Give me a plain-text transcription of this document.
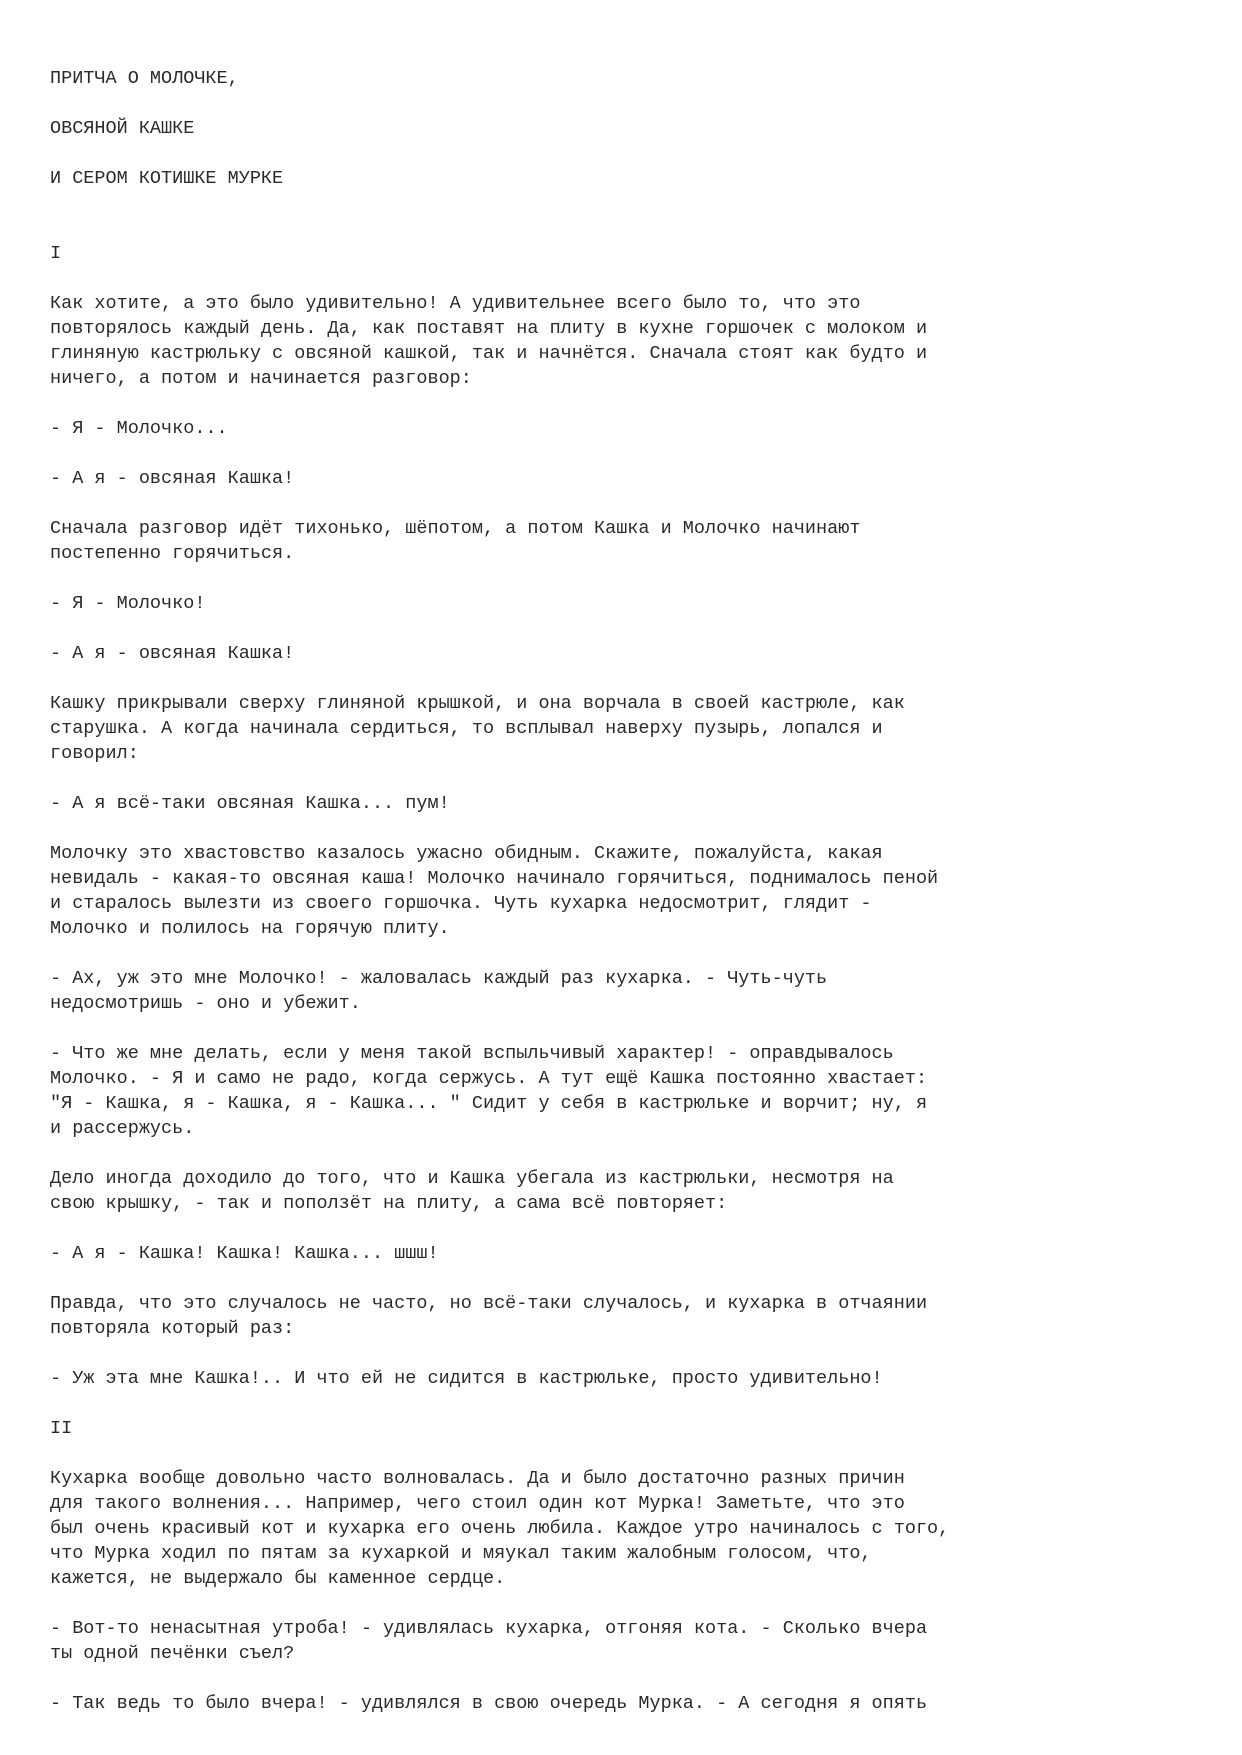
ПРИТЧА О МОЛОЧКЕ,
ОВСЯНОЙ КАШКЕ
И СЕРОМ КОТИШКЕ МУРКЕ
I
Как хотите, а это было удивительно! А удивительнее всего было то, что это
повторялось каждый день. Да, как поставят на плиту в кухне горшочек с молоком и
глиняную кастрюльку с овсяной кашкой, так и начнётся. Сначала стоят как будто и
ничего, а потом и начинается разговор:
- Я - Молочко...
- А я - овсяная Кашка!
Сначала разговор идёт тихонько, шёпотом, а потом Кашка и Молочко начинают
постепенно горячиться.
- Я - Молочко!
- А я - овсяная Кашка!
Кашку прикрывали сверху глиняной крышкой, и она ворчала в своей кастрюле, как
старушка. А когда начинала сердиться, то всплывал наверху пузырь, лопался и
говорил:
- А я всё-таки овсяная Кашка... пум!
Молочку это хвастовство казалось ужасно обидным. Скажите, пожалуйста, какая
невидаль - какая-то овсяная каша! Молочко начинало горячиться, поднималось пеной
и старалось вылезти из своего горшочка. Чуть кухарка недосмотрит, глядит -
Молочко и полилось на горячую плиту.
- Ах, уж это мне Молочко! - жаловалась каждый раз кухарка. - Чуть-чуть
недосмотришь - оно и убежит.
- Что же мне делать, если у меня такой вспыльчивый характер! - оправдывалось
Молочко. - Я и само не радо, когда сержусь. А тут ещё Кашка постоянно хвастает:
"Я - Кашка, я - Кашка, я - Кашка... " Сидит у себя в кастрюльке и ворчит; ну, я
и рассержусь.
Дело иногда доходило до того, что и Кашка убегала из кастрюльки, несмотря на
свою крышку, - так и поползёт на плиту, а сама всё повторяет:
- А я - Кашка! Кашка! Кашка... шшш!
Правда, что это случалось не часто, но всё-таки случалось, и кухарка в отчаянии
повторяла который раз:
- Уж эта мне Кашка!.. И что ей не сидится в кастрюльке, просто удивительно!
II
Кухарка вообще довольно часто волновалась. Да и было достаточно разных причин
для такого волнения... Например, чего стоил один кот Мурка! Заметьте, что это
был очень красивый кот и кухарка его очень любила. Каждое утро начиналось с того,
что Мурка ходил по пятам за кухаркой и мяукал таким жалобным голосом, что,
кажется, не выдержало бы каменное сердце.
- Вот-то ненасытная утроба! - удивлялась кухарка, отгоняя кота. - Сколько вчера
ты одной печёнки съел?
- Так ведь то было вчера! - удивлялся в свою очередь Мурка. - А сегодня я опять
